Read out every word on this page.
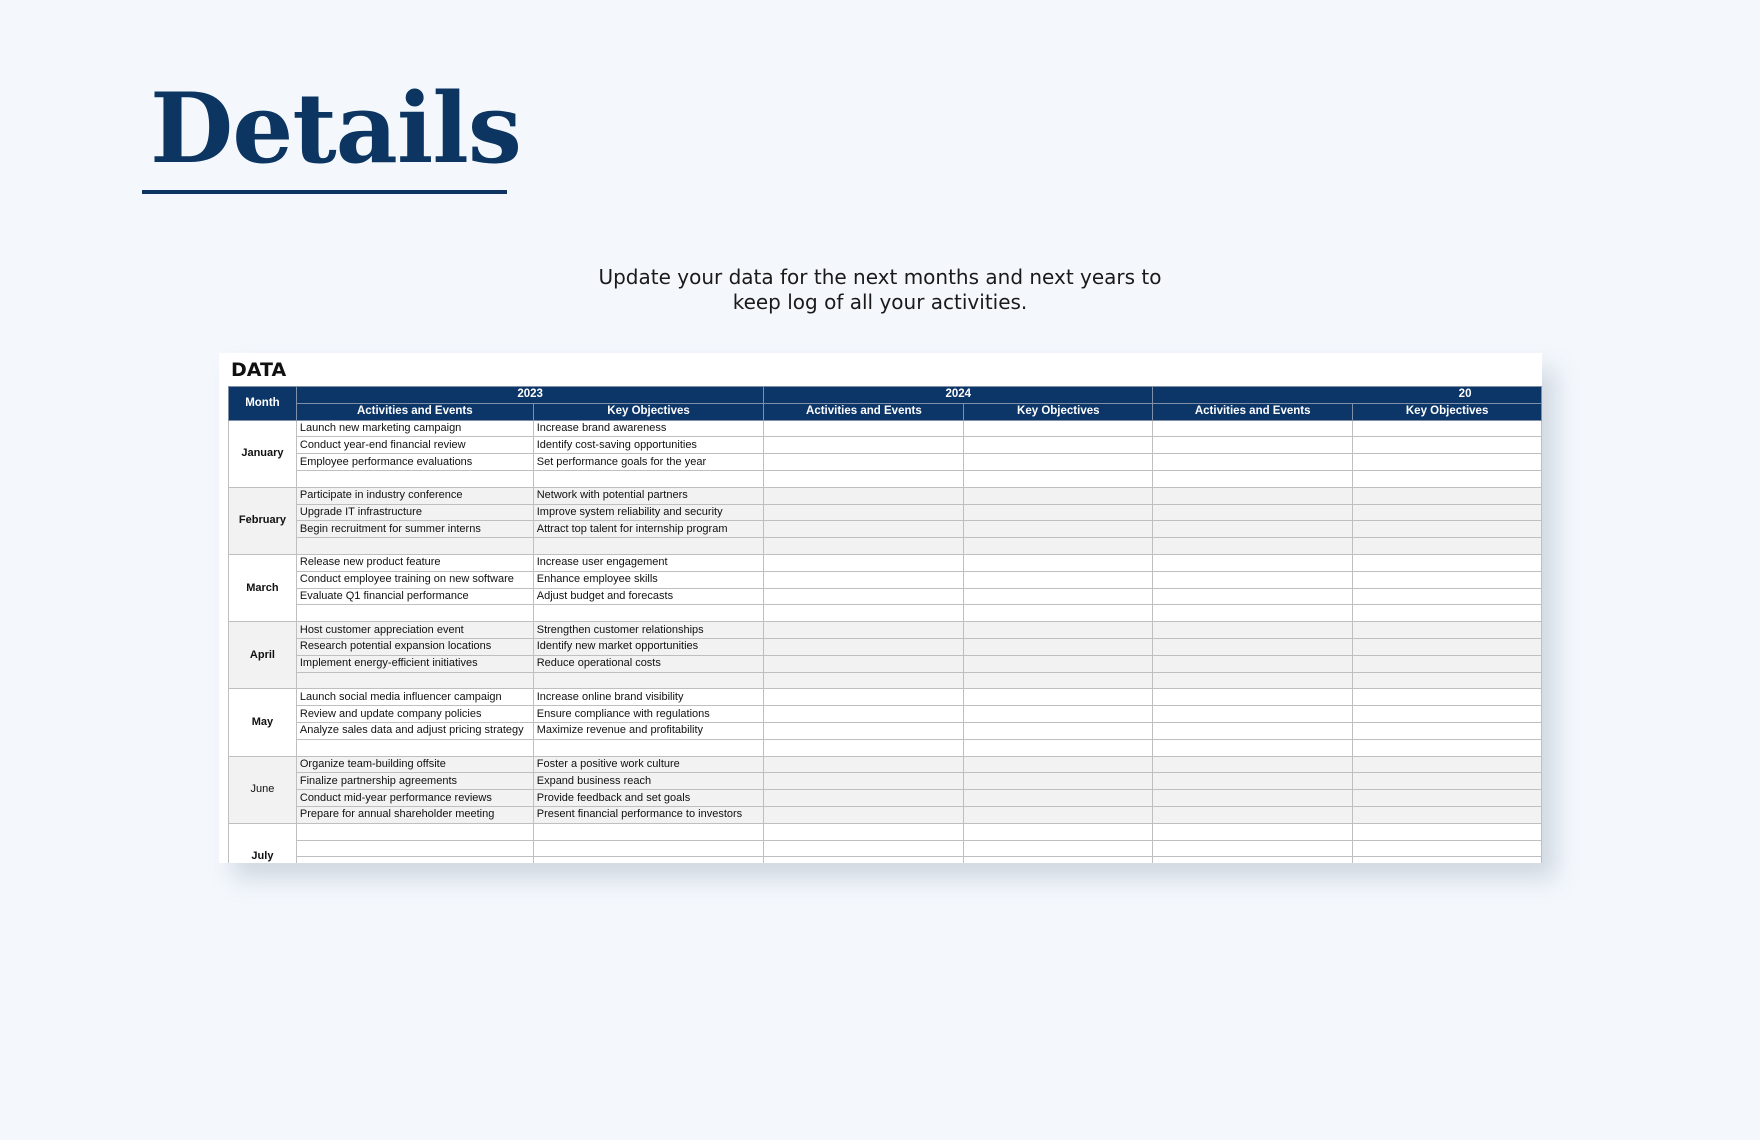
Details
Update your data for the next months and next years to
keep log of all your activities.
DATA
Month	2023		2024		20	
	Activities and Events	Key Objectives	Activities and Events	Key Objectives	Activities and Events	Key Objectives
January	Launch new marketing campaign	Increase brand awareness				
	Conduct year-end financial review	Identify cost-saving opportunities				
	Employee performance evaluations	Set performance goals for the year				

February	Participate in industry conference	Network with potential partners				
	Upgrade IT infrastructure	Improve system reliability and security				
	Begin recruitment for summer interns	Attract top talent for internship program				

March	Release new product feature	Increase user engagement				
	Conduct employee training on new software	Enhance employee skills				
	Evaluate Q1 financial performance	Adjust budget and forecasts				

April	Host customer appreciation event	Strengthen customer relationships				
	Research potential expansion locations	Identify new market opportunities				
	Implement energy-efficient initiatives	Reduce operational costs				

May	Launch social media influencer campaign	Increase online brand visibility				
	Review and update company policies	Ensure compliance with regulations				
	Analyze sales data and adjust pricing strategy	Maximize revenue and profitability				

June	Organize team-building offsite	Foster a positive work culture				
	Finalize partnership agreements	Expand business reach				
	Conduct mid-year performance reviews	Provide feedback and set goals				
	Prepare for annual shareholder meeting	Present financial performance to investors				
July						
